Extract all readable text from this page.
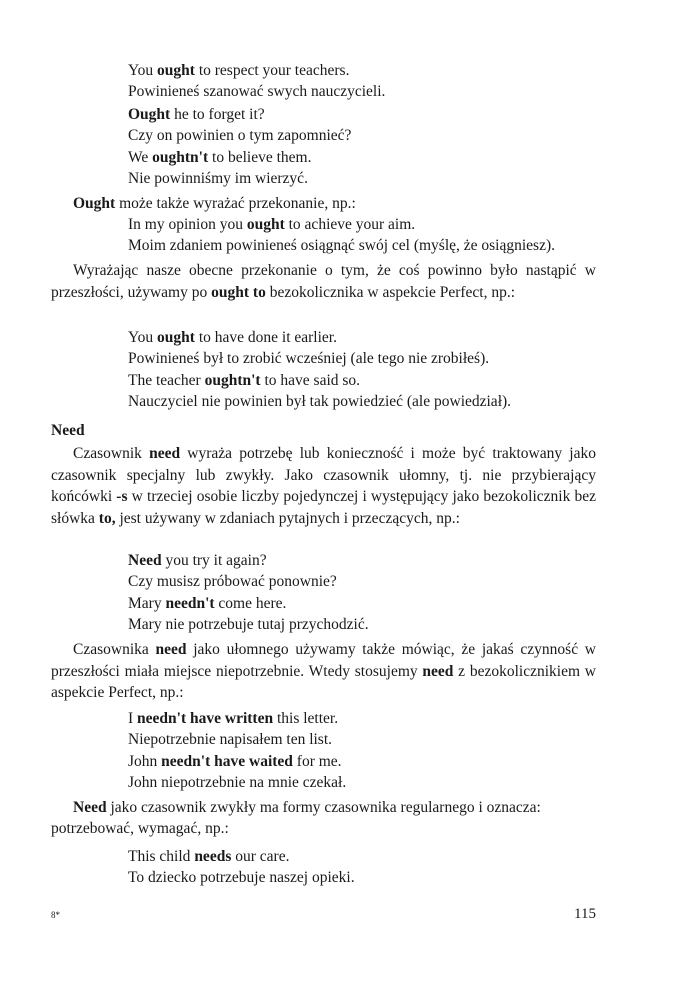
You ought to respect your teachers.
Powinieneś szanować swych nauczycieli.
Ought he to forget it?
Czy on powinien o tym zapomnieć?
We oughtn't to believe them.
Nie powinniśmy im wierzyć.
Ought może także wyrażać przekonanie, np.:
In my opinion you ought to achieve your aim.
Moim zdaniem powinieneś osiągnąć swój cel (myślę, że osiągniesz).
Wyrażając nasze obecne przekonanie o tym, że coś powinno było nastąpić w przeszłości, używamy po ought to bezokolicznika w aspekcie Perfect, np.:
You ought to have done it earlier.
Powinieneś był to zrobić wcześniej (ale tego nie zrobiłeś).
The teacher oughtn't to have said so.
Nauczyciel nie powinien był tak powiedzieć (ale powiedział).
Need
Czasownik need wyraża potrzebę lub konieczność i może być traktowany jako czasownik specjalny lub zwykły. Jako czasownik ułomny, tj. nie przybierający końcówki -s w trzeciej osobie liczby pojedynczej i występujący jako bezokolicznik bez słówka to, jest używany w zdaniach pytajnych i przeczących, np.:
Need you try it again?
Czy musisz próbować ponownie?
Mary needn't come here.
Mary nie potrzebuje tutaj przychodzić.
Czasownika need jako ułomnego używamy także mówiąc, że jakaś czynność w przeszłości miała miejsce niepotrzebnie. Wtedy stosujemy need z bezokolicznikiem w aspekcie Perfect, np.:
I needn't have written this letter.
Niepotrzebnie napisałem ten list.
John needn't have waited for me.
John niepotrzebnie na mnie czekał.
Need jako czasownik zwykły ma formy czasownika regularnego i oznacza:
potrzebować, wymagać, np.:
This child needs our care.
To dziecko potrzebuje naszej opieki.
8*	115
